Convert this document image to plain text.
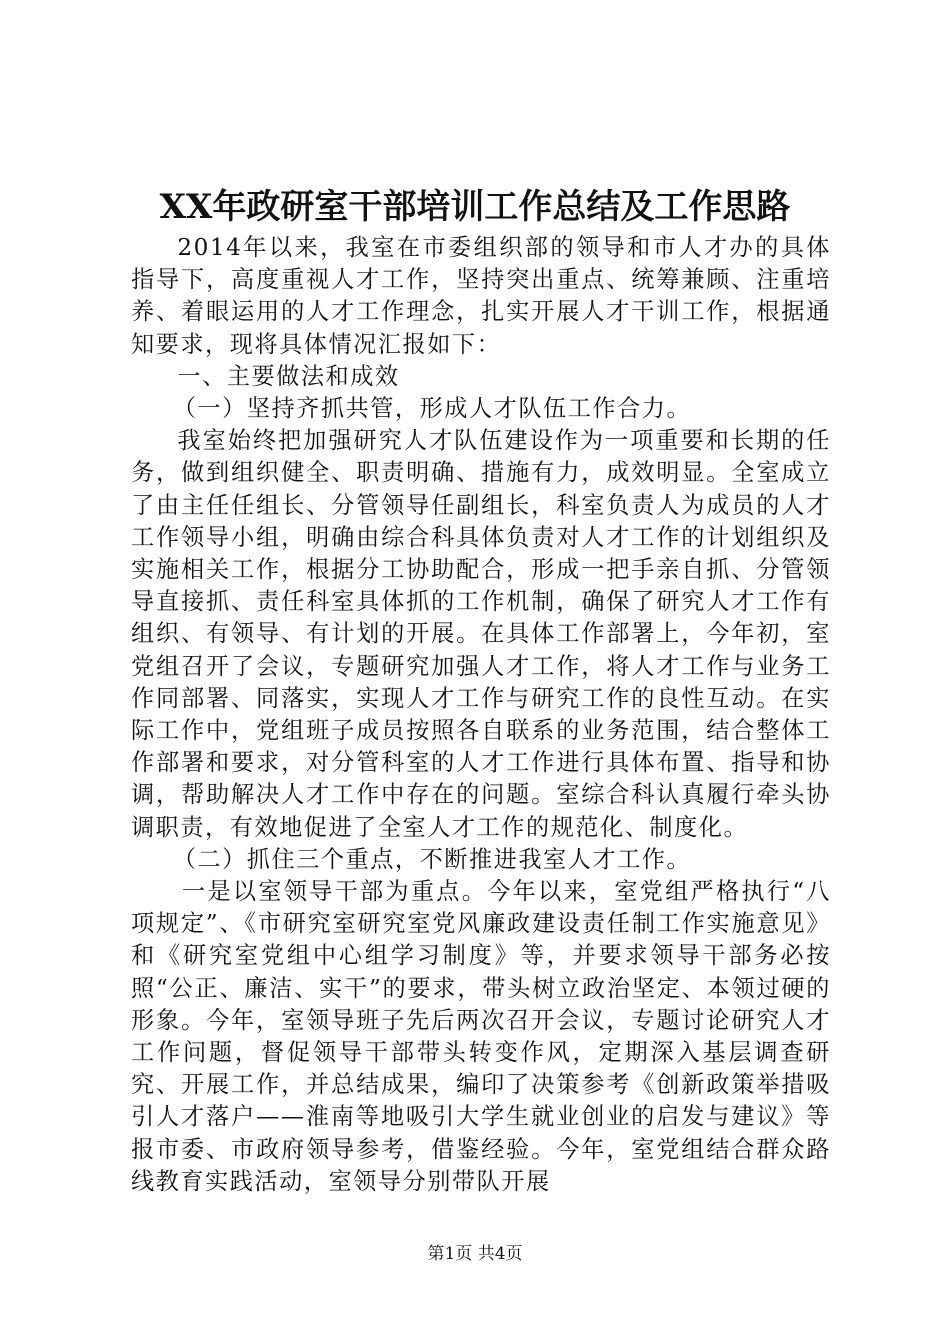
XX年政研室干部培训工作总结及工作思路

2014年以来，我室在市委组织部的领导和市人才办的具体指导下，高度重视人才工作，坚持突出重点、统筹兼顾、注重培养、着眼运用的人才工作理念，扎实开展人才干训工作，根据通知要求，现将具体情况汇报如下：

一、主要做法和成效

（一）坚持齐抓共管，形成人才队伍工作合力。

我室始终把加强研究人才队伍建设作为一项重要和长期的任务，做到组织健全、职责明确、措施有力，成效明显。全室成立了由主任任组长、分管领导任副组长，科室负责人为成员的人才工作领导小组，明确由综合科具体负责对人才工作的计划组织及实施相关工作，根据分工协助配合，形成一把手亲自抓、分管领导直接抓、责任科室具体抓的工作机制，确保了研究人才工作有组织、有领导、有计划的开展。在具体工作部署上，今年初，室党组召开了会议，专题研究加强人才工作，将人才工作与业务工作同部署、同落实，实现人才工作与研究工作的良性互动。在实际工作中，党组班子成员按照各自联系的业务范围，结合整体工作部署和要求，对分管科室的人才工作进行具体布置、指导和协调，帮助解决人才工作中存在的问题。室综合科认真履行牵头协调职责，有效地促进了全室人才工作的规范化、制度化。

（二）抓住三个重点，不断推进我室人才工作。

一是以室领导干部为重点。今年以来，室党组严格执行“八项规定”、《市研究室研究室党风廉政建设责任制工作实施意见》和《研究室党组中心组学习制度》等，并要求领导干部务必按照“公正、廉洁、实干”的要求，带头树立政治坚定、本领过硬的形象。今年，室领导班子先后两次召开会议，专题讨论研究人才工作问题，督促领导干部带头转变作风，定期深入基层调查研究、开展工作，并总结成果，编印了决策参考《创新政策举措吸引人才落户——淮南等地吸引大学生就业创业的启发与建议》等报市委、市政府领导参考，借鉴经验。今年，室党组结合群众路线教育实践活动，室领导分别带队开展

第1页 共4页
